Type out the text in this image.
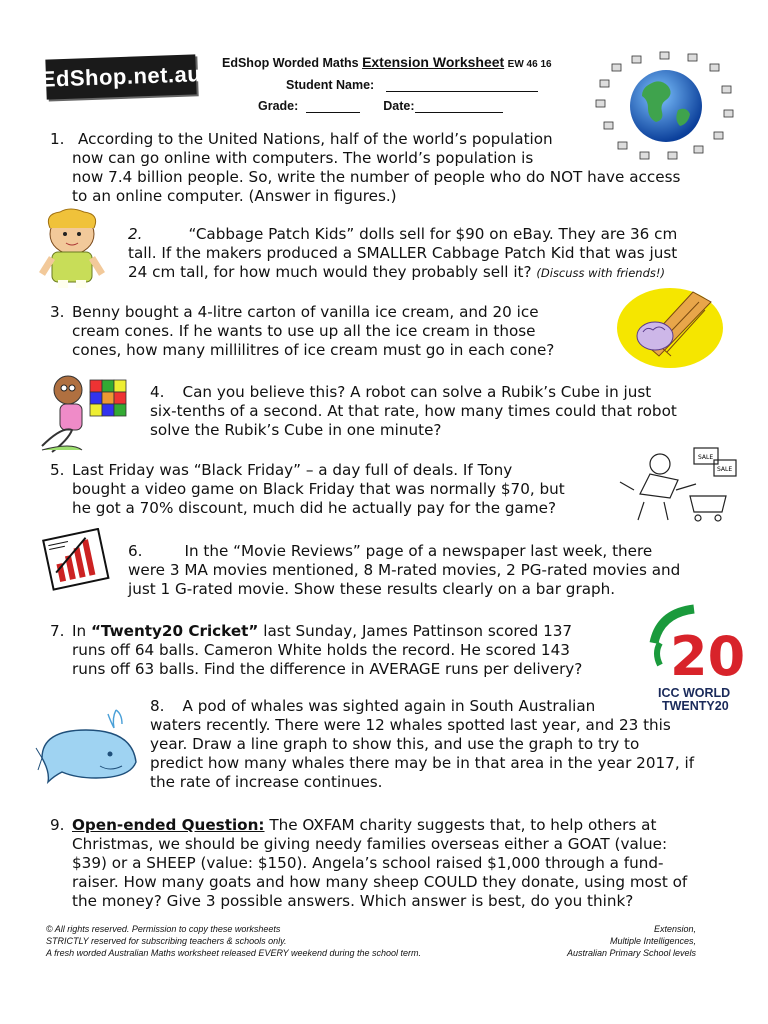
EdShop.net.au EdShop Worded Maths Extension Worksheet EW 46 16
Student Name:
Grade:	Date:
1. According to the United Nations, half of the world’s population

now can go online with computers. The world’s population is

now 7.4 billion people. So, write the number of people who do NOT have access

to an online computer. (Answer in figures.)

2.	“Cabbage Patch Kids” dolls sell for $90 on eBay. They are 36 cm

tall. If the makers produced a SMALLER Cabbage Patch Kid that was just

24 cm tall, for how much would they probably sell it? (Discuss with friends!)

3. Benny bought a 4-litre carton of vanilla ice cream, and 20 ice

cream cones. If he wants to use up all the ice cream in those

cones, how many millilitres of ice cream must go in each cone?

4. Can you believe this? A robot can solve a Rubik’s Cube in just

six-tenths of a second. At that rate, how many times could that robot

solve the Rubik’s Cube in one minute?

5. Last Friday was “Black Friday” – a day full of deals. If Tony

bought a video game on Black Friday that was normally $70, but

he got a 70% discount, much did he actually pay for the game?

SALE
SALE

6.	In the “Movie Reviews” page of a newspaper last week, there

were 3 MA movies mentioned, 8 M-rated movies, 2 PG-rated movies and

just 1 G-rated movie. Show these results clearly on a bar graph.

7. In “Twenty20 Cricket” last Sunday, James Pattinson scored 137

runs off 64 balls. Cameron White holds the record. He scored 143

runs off 63 balls. Find the difference in AVERAGE runs per delivery?	20
ICC WORLD
TWENTY20

8. A pod of whales was sighted again in South Australian

waters recently. There were 12 whales spotted last year, and 23 this

year. Draw a line graph to show this, and use the graph to try to

predict how many whales there may be in that area in the year 2017, if

the rate of increase continues.

9. Open-ended Question: The OXFAM charity suggests that, to help others at

Christmas, we should be giving needy families overseas either a GOAT (value:

$39) or a SHEEP (value: $150). Angela’s school raised $1,000 through a fund-

raiser. How many goats and how many sheep COULD they donate, using most of

the money? Give 3 possible answers. Which answer is best, do you think?

© All rights reserved. Permission to copy these worksheets
STRICTLY reserved for subscribing teachers & schools only.
A fresh worded Australian Maths worksheet released EVERY weekend during the school term.
Extension,
Multiple Intelligences,
Australian Primary School levels
